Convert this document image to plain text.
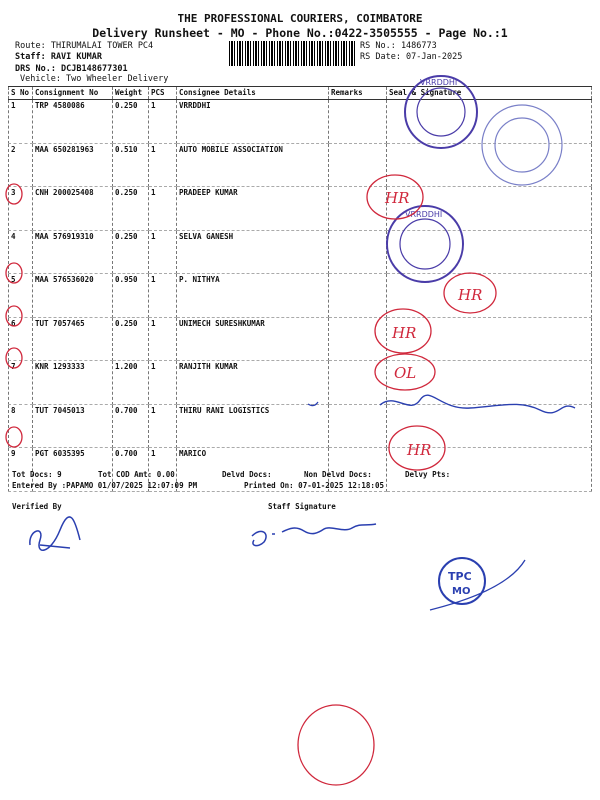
THE PROFESSIONAL COURIERS, COIMBATORE
Delivery Runsheet - MO - Phone No.:0422-3505555 - Page No.:1
Route: THIRUMALAI TOWER PC4
Staff: RAVI KUMAR
DRS No.: DCJB148677301
Vehicle: Two Wheeler Delivery
RS No.: 1486773
RS Date: 07-Jan-2025
S No	Consignment No	Weight	PCS	Consignee Details	Remarks	Seal & Signature
1	TRP 4580086	0.250	1	VRRDDHI		
2	MAA 650281963	0.510	1	AUTO MOBILE ASSOCIATION		
3	CNH 200025408	0.250	1	PRADEEP KUMAR		
4	MAA 576919310	0.250	1	SELVA GANESH		
5	MAA 576536020	0.950	1	P. NITHYA		
6	TUT 7057465	0.250	1	UNIMECH SURESHKUMAR		
7	KNR 1293333	1.200	1	RANJITH KUMAR		
8	TUT 7045013	0.700	1	THIRU RANI LOGISTICS		
9	PGT 6035395	0.700	1	MARICO		
Tot Docs: 9	Tot COD Amt: 0.00	Delvd Docs:	Non Delvd Docs:	Delvy Pts:
Entered By :PAPAMO 01/07/2025 12:07:09 PM	Printed On: 07-01-2025 12:18:05
Verified By	Staff Signature
VRRDDHI
VRRDDHI
HR
HR
HR
OL
HR
TPC
MO
